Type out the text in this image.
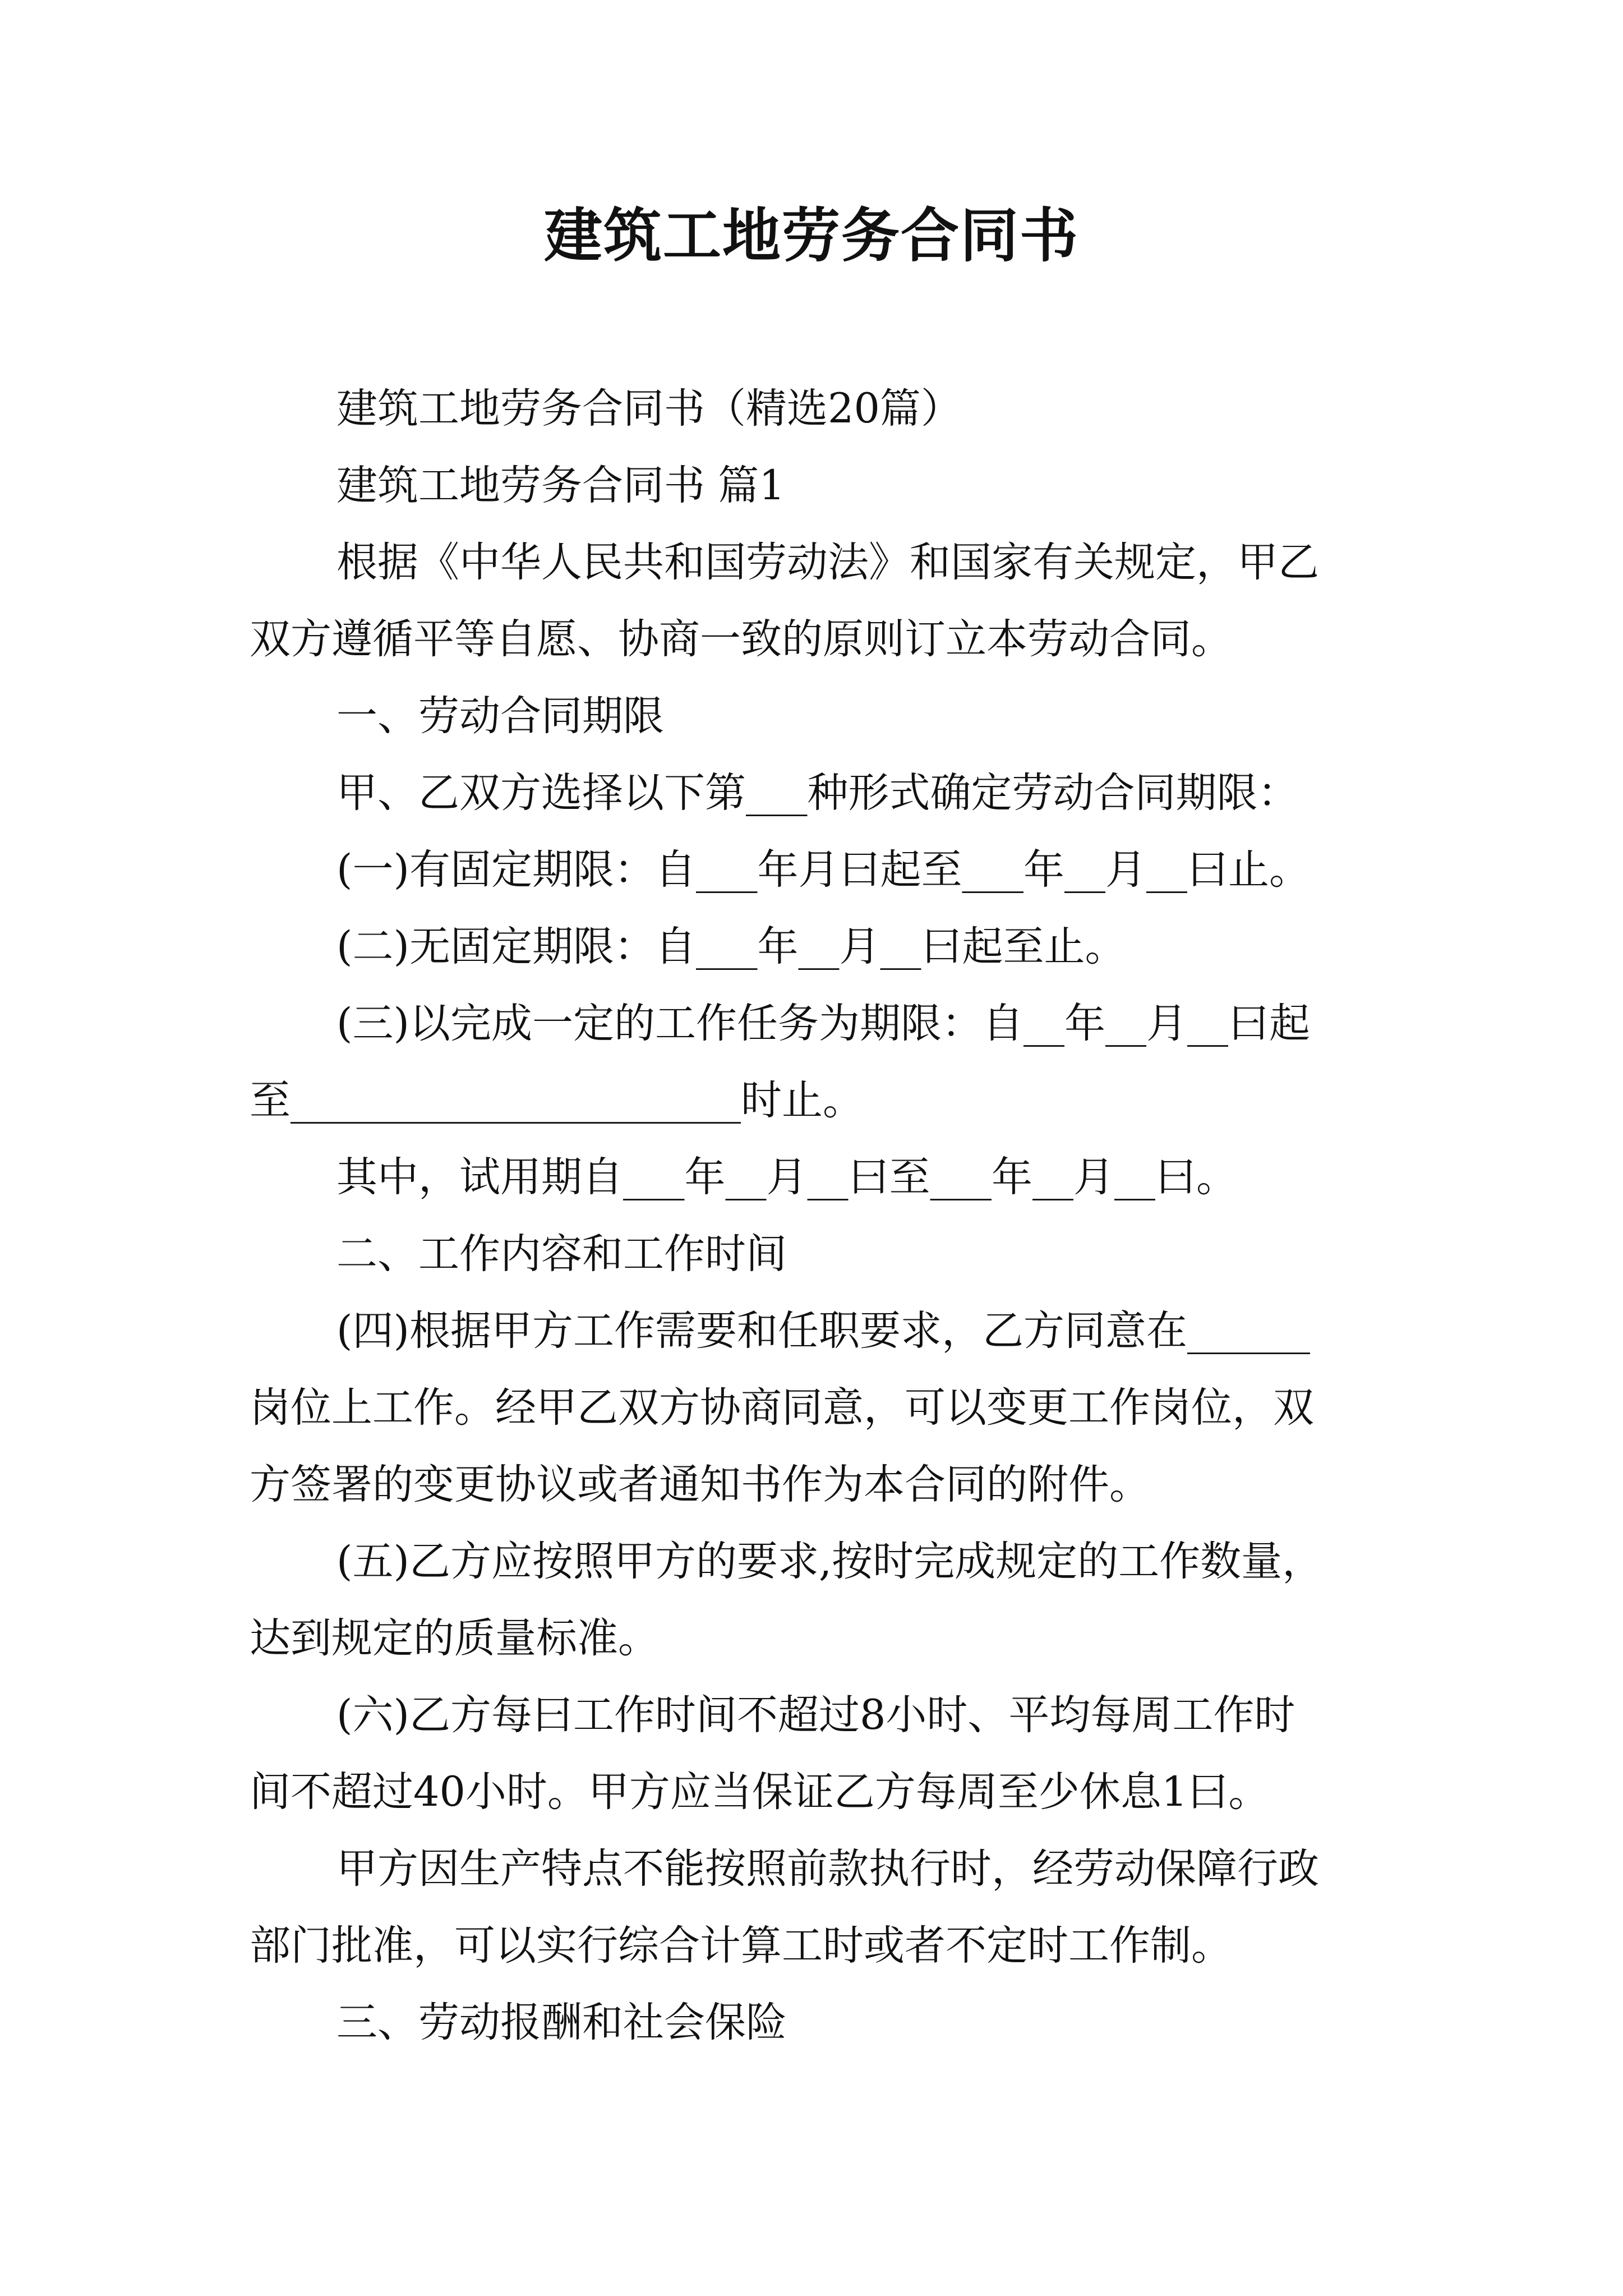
建筑工地劳务合同书

建筑工地劳务合同书（精选20篇）

建筑工地劳务合同书 篇1

根据《中华人民共和国劳动法》和国家有关规定，甲乙

双方遵循平等自愿、协商一致的原则订立本劳动合同。

一、劳动合同期限

甲、乙双方选择以下第___种形式确定劳动合同期限：

(一)有固定期限：自___年月曰起至___年__月__曰止。

(二)无固定期限：自___年__月__曰起至止。

(三)以完成一定的工作任务为期限：自__年__月__曰起

至______________________时止。

其中，试用期自___年__月__曰至___年__月__曰。

二、工作内容和工作时间

(四)根据甲方工作需要和任职要求，乙方同意在______

岗位上工作。经甲乙双方协商同意，可以变更工作岗位，双

方签署的变更协议或者通知书作为本合同的附件。

(五)乙方应按照甲方的要求,按时完成规定的工作数量，

达到规定的质量标准。

(六)乙方每曰工作时间不超过8小时、平均每周工作时

间不超过40小时。甲方应当保证乙方每周至少休息1曰。

甲方因生产特点不能按照前款执行时，经劳动保障行政

部门批准，可以实行综合计算工时或者不定时工作制。

三、劳动报酬和社会保险
